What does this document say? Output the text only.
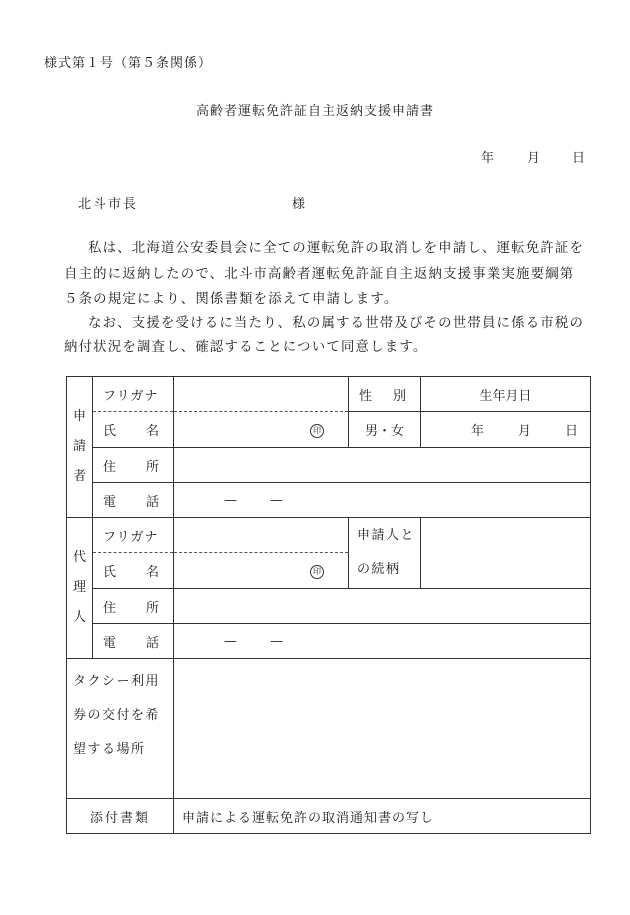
様式第１号（第５条関係）
高齢者運転免許証自主返納支援申請書
年	月 日
北斗市長	様
私は、北海道公安委員会に全ての運転免許の取消しを申請し、運転免許証を
自主的に返納したので、北斗市高齢者運転免許証自主返納支援事業実施要綱第
５条の規定により、関係書類を添えて申請します。
なお、支援を受けるに当たり、私の属する世帯及びその世帯員に係る市税の
納付状況を調査し、確認することについて同意します。
申
請
者	フリガナ		性 別	生年月日

	氏 名	印	男・女	年 月 日

	住 所			

	電 話	— —		

代
理
人	フリガナ		申請人と
の続柄	

	氏 名	印		

	住 所			

	電 話	— —		
タクシー利用
券の交付を希
望する場所				
添付書類		申請による運転免許の取消通知書の写し		
